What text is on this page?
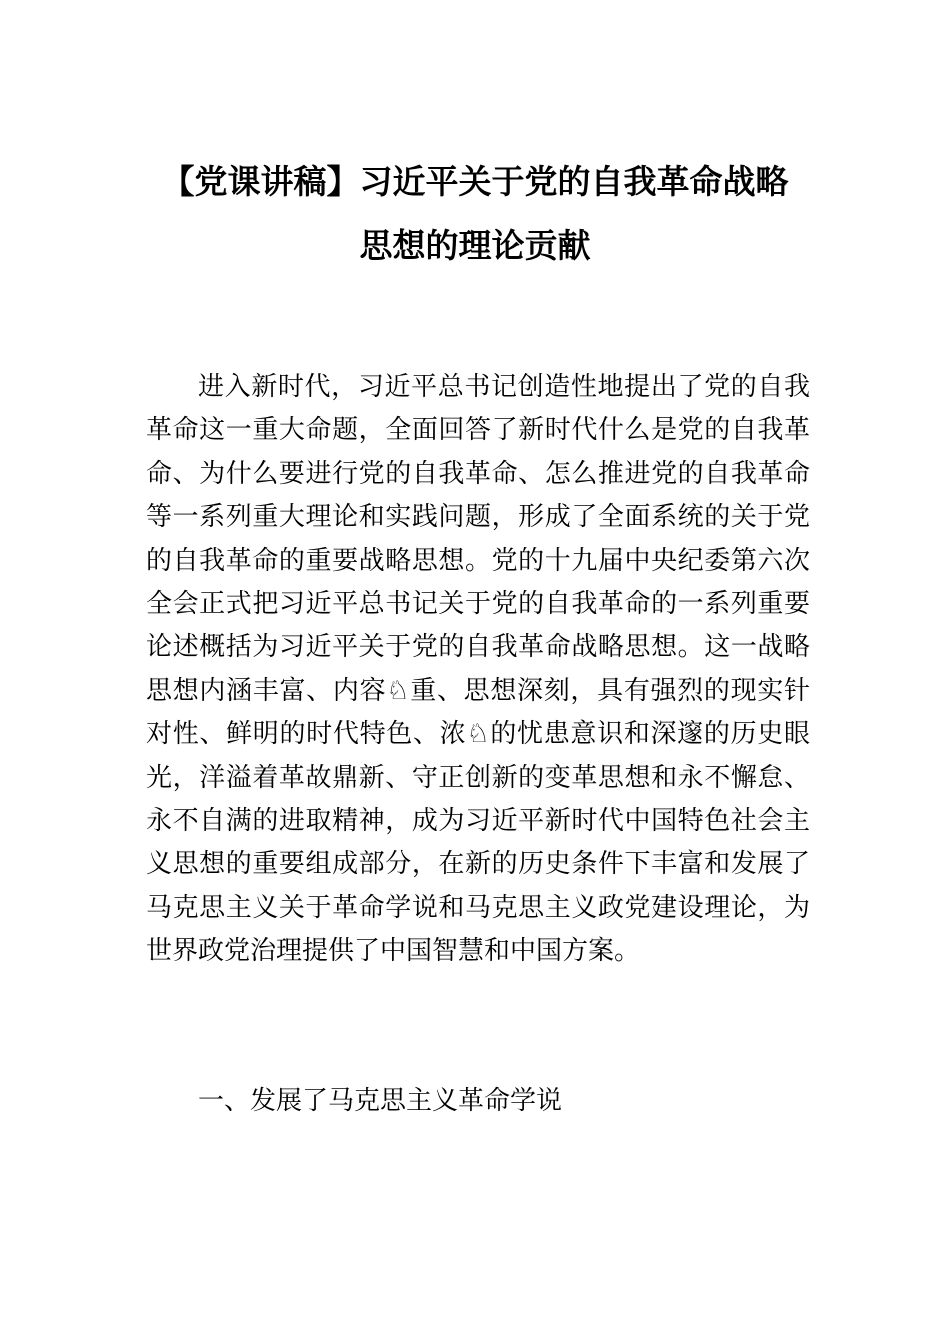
【党课讲稿】习近平关于党的自我革命战略
思想的理论贡献

进入新时代，习近平总书记创造性地提出了党的自我革命这一重大命题，全面回答了新时代什么是党的自我革命、为什么要进行党的自我革命、怎么推进党的自我革命等一系列重大理论和实践问题，形成了全面系统的关于党的自我革命的重要战略思想。党的十九届中央纪委第六次全会正式把习近平总书记关于党的自我革命的一系列重要论述概括为习近平关于党的自我革命战略思想。这一战略思想内涵丰富、内容♘重、思想深刻，具有强烈的现实针对性、鲜明的时代特色、浓♘的忧患意识和深邃的历史眼光，洋溢着革故鼎新、守正创新的变革思想和永不懈怠、永不自满的进取精神，成为习近平新时代中国特色社会主义思想的重要组成部分，在新的历史条件下丰富和发展了马克思主义关于革命学说和马克思主义政党建设理论，为世界政党治理提供了中国智慧和中国方案。

一、发展了马克思主义革命学说
